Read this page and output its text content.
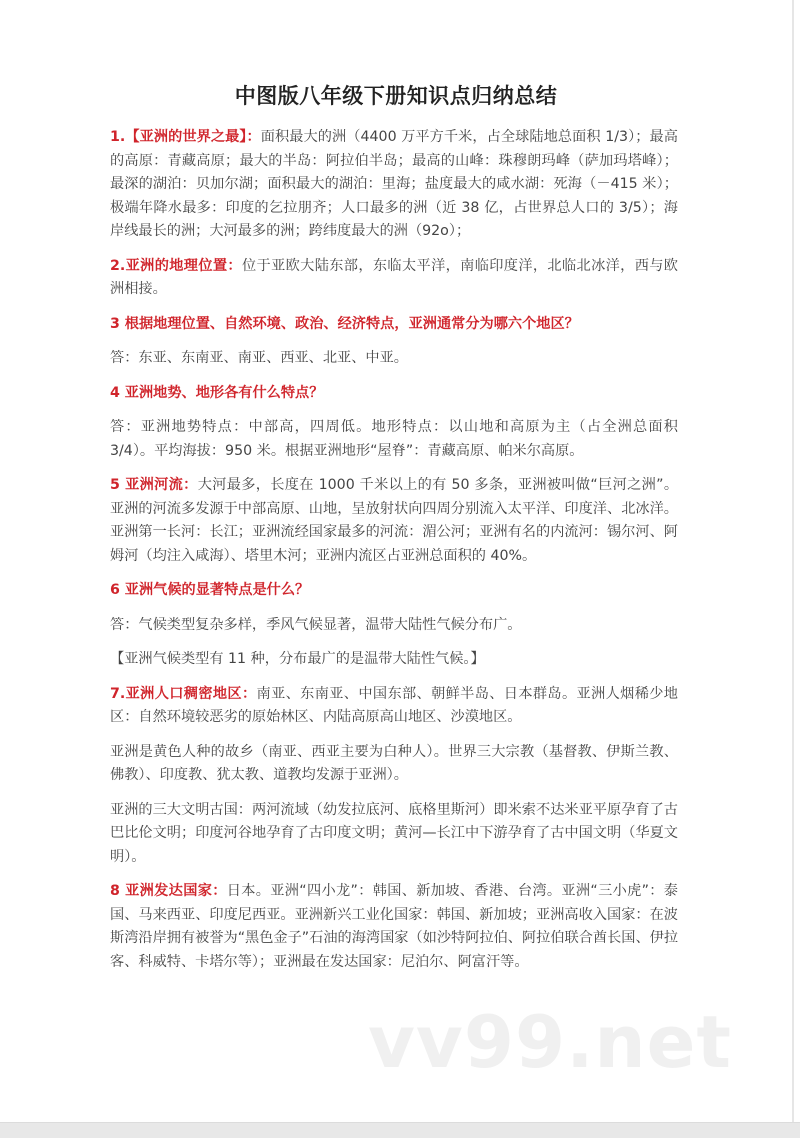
中图版八年级下册知识点归纳总结

1.【亚洲的世界之最】：面积最大的洲（4400 万平方千米，占全球陆地总面积 1/3）；最高的高原：青藏高原；最大的半岛：阿拉伯半岛；最高的山峰：珠穆朗玛峰（萨加玛塔峰）；最深的湖泊：贝加尔湖；面积最大的湖泊：里海；盐度最大的咸水湖：死海（－415 米）；极端年降水最多：印度的乞拉朋齐；人口最多的洲（近 38 亿，占世界总人口的 3/5）；海岸线最长的洲；大河最多的洲；跨纬度最大的洲（92o）；

2.亚洲的地理位置：位于亚欧大陆东部，东临太平洋，南临印度洋，北临北冰洋，西与欧洲相接。

3 根据地理位置、自然环境、政治、经济特点，亚洲通常分为哪六个地区？

答：东亚、东南亚、南亚、西亚、北亚、中亚。

4 亚洲地势、地形各有什么特点？

答：亚洲地势特点：中部高，四周低。地形特点：以山地和高原为主（占全洲总面积 3/4）。平均海拔：950 米。根据亚洲地形“屋脊”：青藏高原、帕米尔高原。

5 亚洲河流：大河最多，长度在 1000 千米以上的有 50 多条，亚洲被叫做“巨河之洲”。亚洲的河流多发源于中部高原、山地，呈放射状向四周分别流入太平洋、印度洋、北冰洋。亚洲第一长河：长江；亚洲流经国家最多的河流：湄公河；亚洲有名的内流河：锡尔河、阿姆河（均注入咸海）、塔里木河；亚洲内流区占亚洲总面积的 40%。

6 亚洲气候的显著特点是什么？

答：气候类型复杂多样，季风气候显著，温带大陆性气候分布广。

【亚洲气候类型有 11 种，分布最广的是温带大陆性气候。】

7.亚洲人口稠密地区：南亚、东南亚、中国东部、朝鲜半岛、日本群岛。亚洲人烟稀少地区：自然环境较恶劣的原始林区、内陆高原高山地区、沙漠地区。

亚洲是黄色人种的故乡（南亚、西亚主要为白种人）。世界三大宗教（基督教、伊斯兰教、佛教）、印度教、犹太教、道教均发源于亚洲）。

亚洲的三大文明古国：两河流域（幼发拉底河、底格里斯河）即米索不达米亚平原孕育了古巴比伦文明；印度河谷地孕育了古印度文明；黄河—长江中下游孕育了古中国文明（华夏文明）。

8 亚洲发达国家：日本。亚洲“四小龙”：韩国、新加坡、香港、台湾。亚洲“三小虎”：泰国、马来西亚、印度尼西亚。亚洲新兴工业化国家：韩国、新加坡；亚洲高收入国家：在波斯湾沿岸拥有被誉为“黑色金子”石油的海湾国家（如沙特阿拉伯、阿拉伯联合酋长国、伊拉客、科威特、卡塔尔等）；亚洲最在发达国家：尼泊尔、阿富汗等。

vv99.net
